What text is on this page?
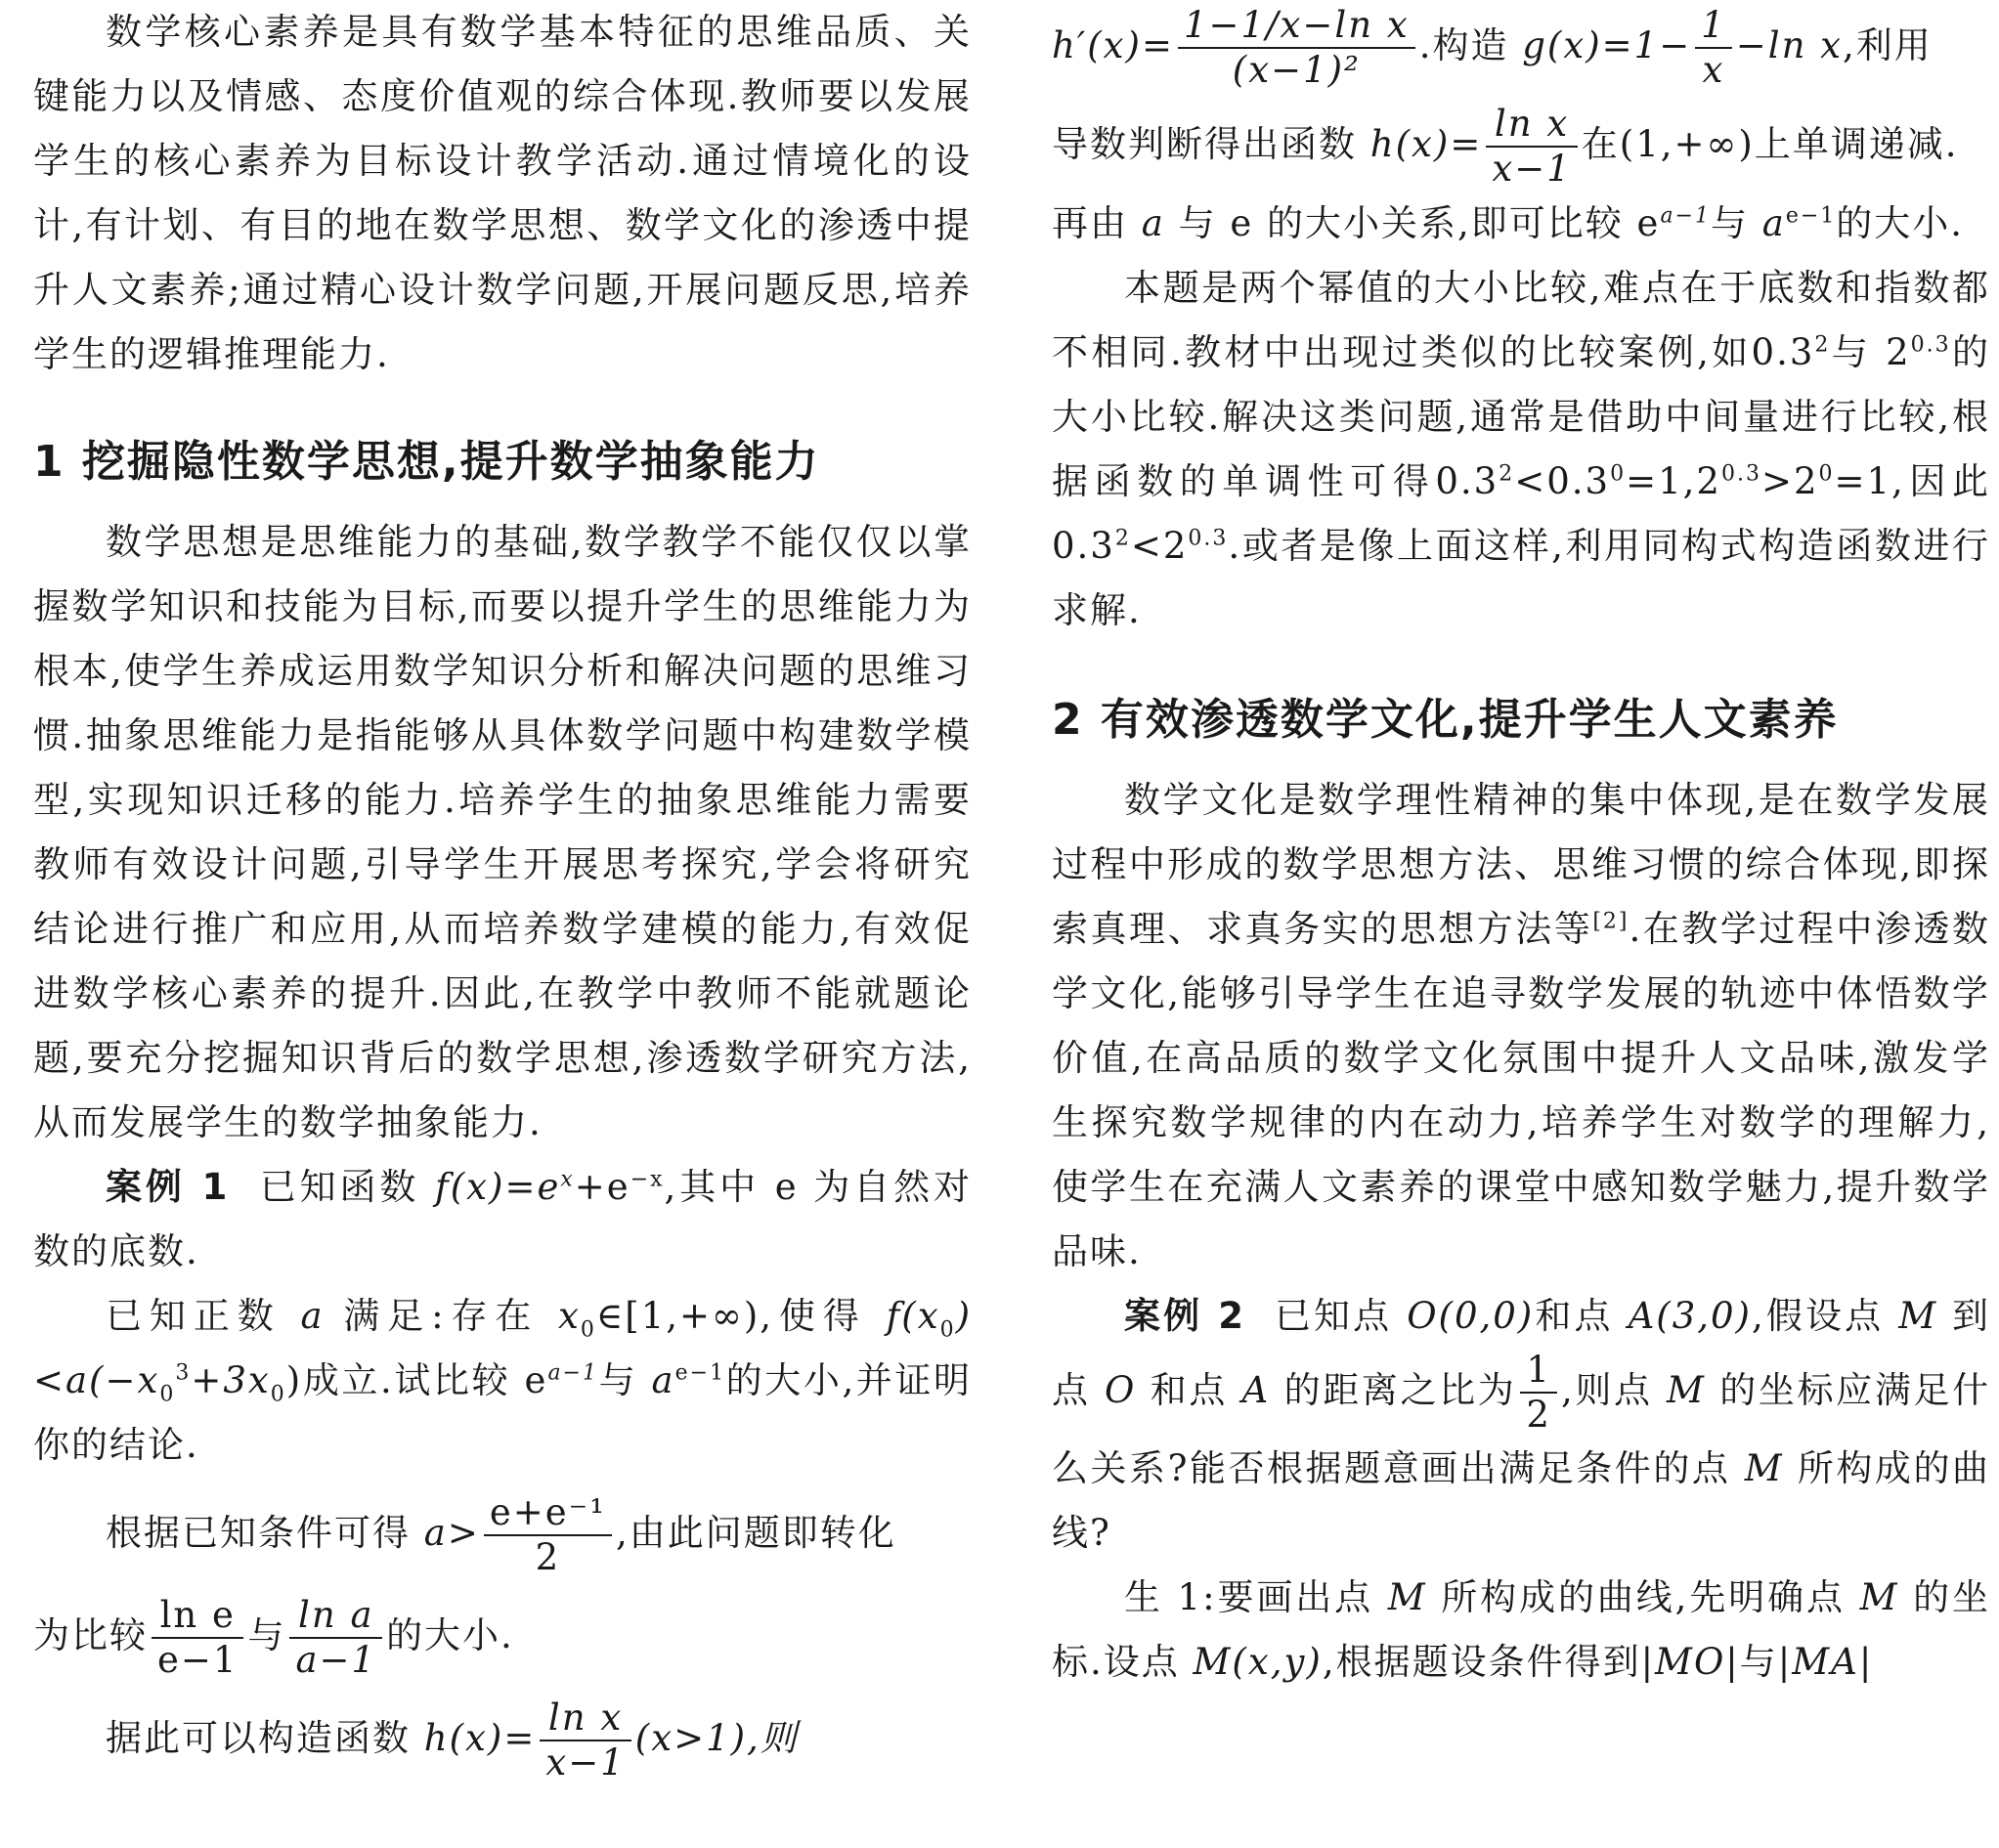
数学核心素养是具有数学基本特征的思维品质、关键能力以及情感、态度价值观的综合体现.教师要以发展学生的核心素养为目标设计教学活动.通过情境化的设计,有计划、有目的地在数学思想、数学文化的渗透中提升人文素养;通过精心设计数学问题,开展问题反思,培养学生的逻辑推理能力.

1 挖掘隐性数学思想,提升数学抽象能力

数学思想是思维能力的基础,数学教学不能仅仅以掌握数学知识和技能为目标,而要以提升学生的思维能力为根本,使学生养成运用数学知识分析和解决问题的思维习惯.抽象思维能力是指能够从具体数学问题中构建数学模型,实现知识迁移的能力.培养学生的抽象思维能力需要教师有效设计问题,引导学生开展思考探究,学会将研究结论进行推广和应用,从而培养数学建模的能力,有效促进数学核心素养的提升.因此,在教学中教师不能就题论题,要充分挖掘知识背后的数学思想,渗透数学研究方法,从而发展学生的数学抽象能力.

案例 1 已知函数 $f(x)=e^x+e^{-x}$,其中 e 为自然对数的底数.

已知正数 a 满足:存在 $x_0\in[1,+\infty)$,使得 $f(x_0)<a(-x_0^3+3x_0)$成立.试比较 $e^{a-1}$与 $a^{e-1}$的大小,并证明你的结论.

根据已知条件可得 $a> \frac{\text{e+e⁻¹}}{2}$ ,由此问题即转化

为比较 $\frac{\text{ln e}}{e-1}$ 与 $\frac{\text{ln a}}{a-1}$ 的大小.

据此可以构造函数 $h(x)= \frac{\text{ln x}}{x-1} (x>1)$,则

$h'(x)= \frac{\text{1−1/x−ln x}}{\text{(x−1)²}}$ .构造 $g(x)=1- \frac{1}{x} -\ln$ x,利用

导数判断得出函数 $h(x)= \frac{\text{ln x}}{x-1}$ 在(1,+∞)上单调递减.

再由 a 与 e 的大小关系,即可比较 $e^{a-1}$与 $a^{e-1}$的大小.

本题是两个幂值的大小比较,难点在于底数和指数都不相同.教材中出现过类似的比较案例,如$0.3^2$与 $2^{0.3}$的大小比较.解决这类问题,通常是借助中间量进行比较,根据函数的单调性可得$0.3^2<0.3^0=1,2^{0.3}>2^0=1$,因此$0.3^2<2^{0.3}$.或者是像上面这样,利用同构式构造函数进行求解.

2 有效渗透数学文化,提升学生人文素养

数学文化是数学理性精神的集中体现,是在数学发展过程中形成的数学思想方法、思维习惯的综合体现,即探索真理、求真务实的思想方法等[2].在教学过程中渗透数学文化,能够引导学生在追寻数学发展的轨迹中体悟数学价值,在高品质的数学文化氛围中提升人文品味,激发学生探究数学规律的内在动力,培养学生对数学的理解力,使学生在充满人文素养的课堂中感知数学魅力,提升数学品味.

案例 2 已知点 O(0,0)和点 A(3,0),假设点 M 到点 O 和点 A 的距离之比为 $\frac{1}{2}$ ,则点 M 的坐标应满足什么关系?能否根据题意画出满足条件的点 M 所构成的曲线?

生 1:要画出点 M 所构成的曲线,先明确点 M 的坐标.设点 M(x,y),根据题设条件得到|MO|与|MA|
